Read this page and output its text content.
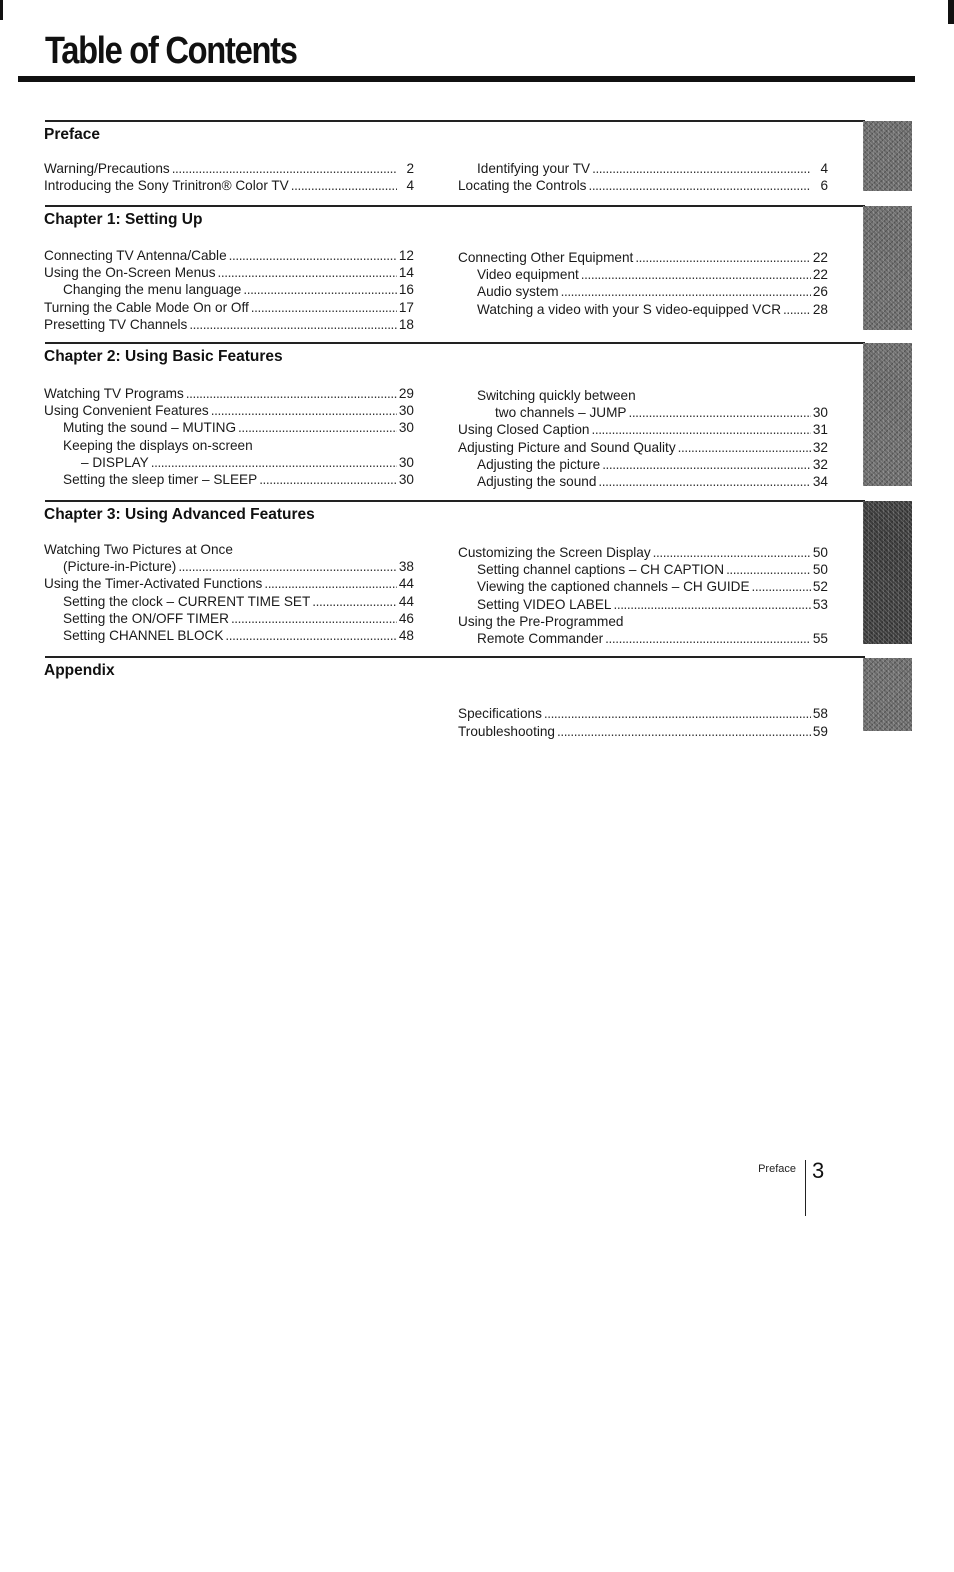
Table of Contents
Preface
Warning/Precautions . . .	2
Introducing the Sony Trinitron® Color TV . . .	4
Identifying your TV . . .	4
Locating the Controls . . .	6
Chapter 1: Setting Up
Connecting TV Antenna/Cable . . .	12
Using the On-Screen Menus . . .	14
Changing the menu language . . .	16
Turning the Cable Mode On or Off . . .	17
Presetting TV Channels . . .	18
Connecting Other Equipment . . .	22
Video equipment . . .	22
Audio system . . .	26
Watching a video with your S video-equipped VCR . . . 28
Chapter 2: Using Basic Features
Watching TV Programs . . .	29
Using Convenient Features . . .	30
Muting the sound – MUTING . . .	30
Keeping the displays on-screen
– DISPLAY . . .	30
Setting the sleep timer – SLEEP . . .	30
Switching quickly between
two channels – JUMP . . .	30
Using Closed Caption . . .	31
Adjusting Picture and Sound Quality . . .	32
Adjusting the picture . . .	32
Adjusting the sound . . .	34
Chapter 3: Using Advanced Features
Watching Two Pictures at Once
(Picture-in-Picture) . . .	38
Using the Timer-Activated Functions . . .	44
Setting the clock – CURRENT TIME SET . . .	44
Setting the ON/OFF TIMER . . .	46
Setting CHANNEL BLOCK . . .	48
Customizing the Screen Display . . .	50
Setting channel captions – CH CAPTION . . .	50
Viewing the captioned channels – CH GUIDE . . .	52
Setting VIDEO LABEL . . .	53
Using the Pre-Programmed
Remote Commander . . .	55
Appendix
Specifications . . .	58
Troubleshooting . . .	59
Preface 3
